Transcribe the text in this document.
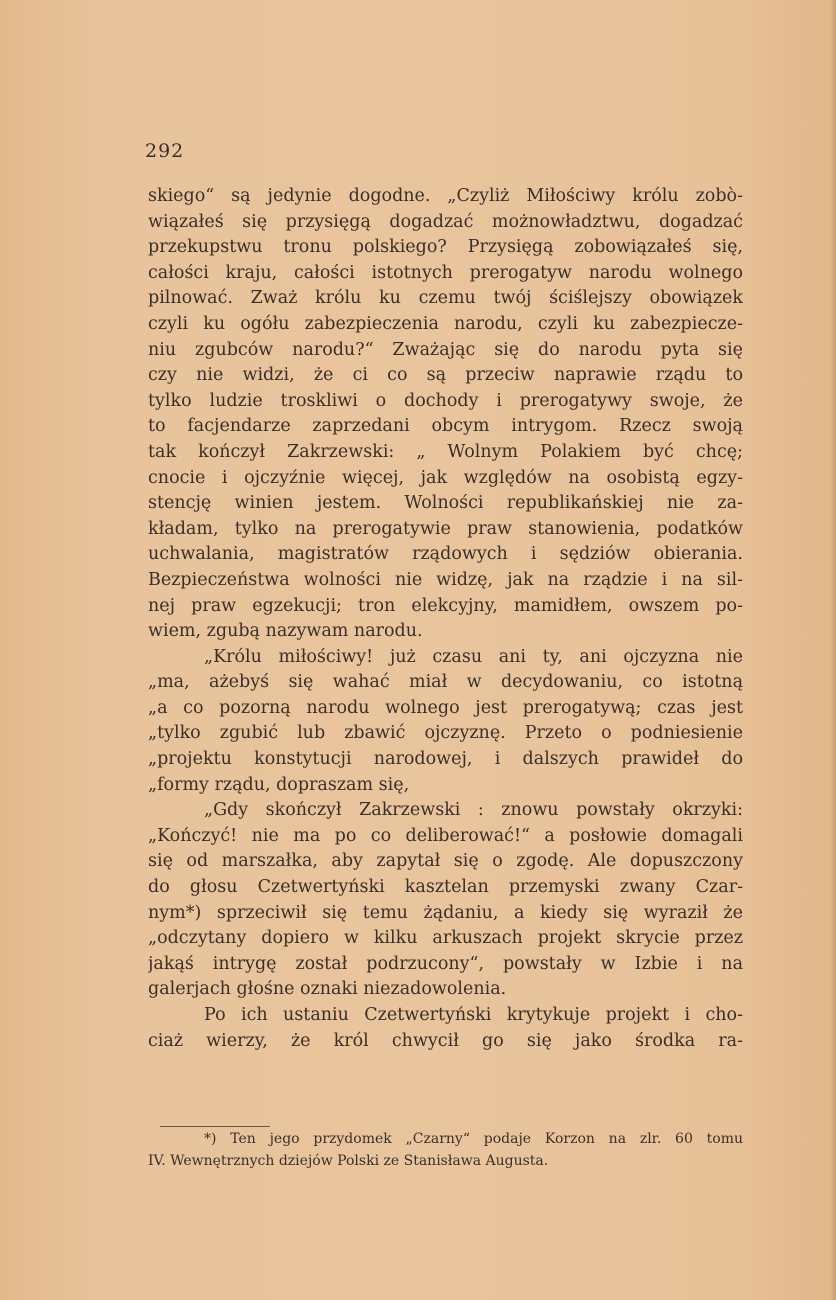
292
skiego“ są jedynie dogodne. „Czyliż Miłościwy królu zobò-
wiązałeś się przysięgą dogadzać możnowładztwu, dogadzać
przekupstwu tronu polskiego? Przysięgą zobowiązałeś się,
całości kraju, całości istotnych prerogatyw narodu wolnego
pilnować. Zważ królu ku czemu twój ściślejszy obowiązek
czyli ku ogółu zabezpieczenia narodu, czyli ku zabezpiecze-
niu zgubców narodu?“ Zważając się do narodu pyta się
czy nie widzi, że ci co są przeciw naprawie rządu to
tylko ludzie troskliwi o dochody i prerogatywy swoje, że
to facjendarze zaprzedani obcym intrygom. Rzecz swoją
tak kończył Zakrzewski: „ Wolnym Polakiem być chcę;
cnocie i ojczyźnie więcej, jak względów na osobistą egzy-
stencję winien jestem. Wolności republikańskiej nie za-
kładam, tylko na prerogatywie praw stanowienia, podatków
uchwalania, magistratów rządowych i sędziów obierania.
Bezpieczeństwa wolności nie widzę, jak na rządzie i na sil-
nej praw egzekucji; tron elekcyjny, mamidłem, owszem po-
wiem, zgubą nazywam narodu.
„Królu miłościwy! już czasu ani ty, ani ojczyzna nie
„ma, ażebyś się wahać miał w decydowaniu, co istotną
„a co pozorną narodu wolnego jest prerogatywą; czas jest
„tylko zgubić lub zbawić ojczyznę. Przeto o podniesienie
„projektu konstytucji narodowej, i dalszych prawideł do
„formy rządu, dopraszam się,
„Gdy skończył Zakrzewski : znowu powstały okrzyki:
„Kończyć! nie ma po co deliberować!“ a posłowie domagali
się od marszałka, aby zapytał się o zgodę. Ale dopuszczony
do głosu Czetwertyński kasztelan przemyski zwany Czar-
nym*) sprzeciwił się temu żądaniu, a kiedy się wyraził że
„odczytany dopiero w kilku arkuszach projekt skrycie przez
jakąś intrygę został podrzucony“, powstały w Izbie i na
galerjach głośne oznaki niezadowolenia.
Po ich ustaniu Czetwertyński krytykuje projekt i cho-
ciaż wierzy, że król chwycił go się jako środka ra-
*) Ten jego przydomek „Czarny“ podaje Korzon na zlr. 60 tomu
IV. Wewnętrznych dziejów Polski ze Stanisława Augusta.
